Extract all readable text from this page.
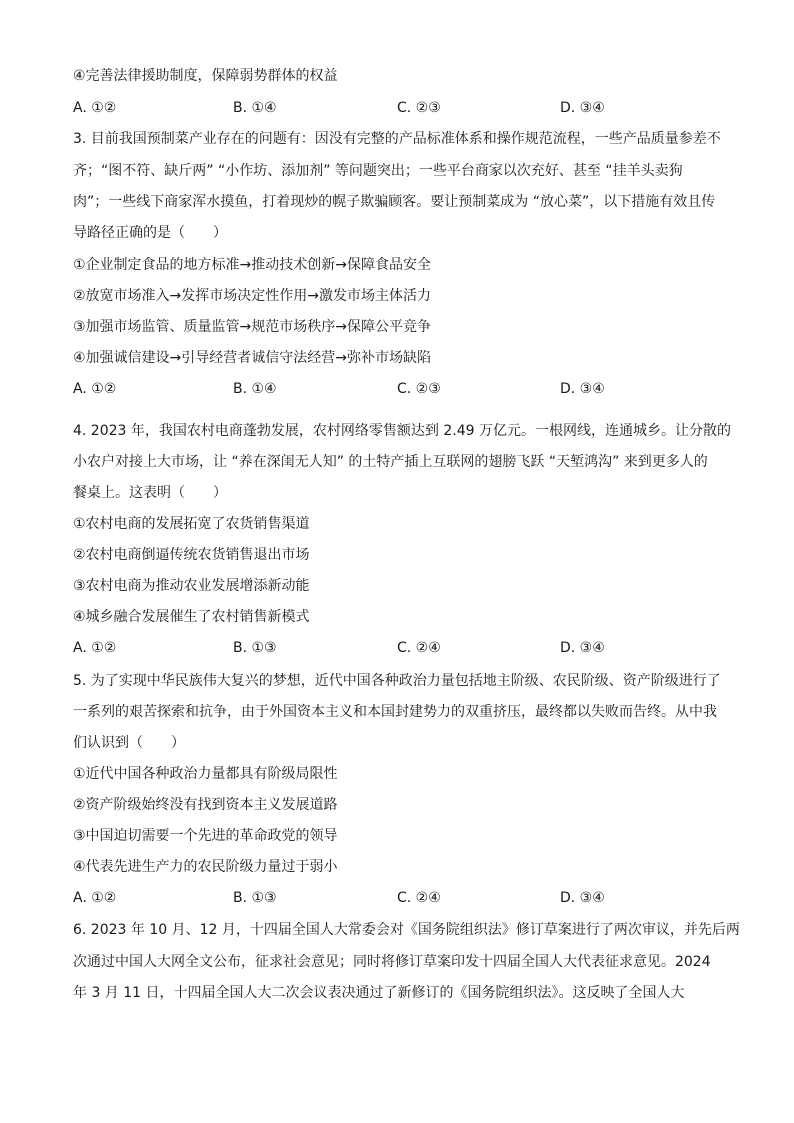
④完善法律援助制度，保障弱势群体的权益
A. ①②	B. ①④	C. ②③	D. ③④
3. 目前我国预制菜产业存在的问题有：因没有完整的产品标准体系和操作规范流程，一些产品质量参差不
齐；“图不符、缺斤两” “小作坊、添加剂” 等问题突出；一些平台商家以次充好、甚至 “挂羊头卖狗
肉”；一些线下商家浑水摸鱼，打着现炒的幌子欺骗顾客。要让预制菜成为 “放心菜”，以下措施有效且传
导路径正确的是（　　）
①企业制定食品的地方标准→推动技术创新→保障食品安全
②放宽市场准入→发挥市场决定性作用→激发市场主体活力
③加强市场监管、质量监管→规范市场秩序→保障公平竞争
④加强诚信建设→引导经营者诚信守法经营→弥补市场缺陷
A. ①②	B. ①④	C. ②③	D. ③④
4. 2023 年，我国农村电商蓬勃发展，农村网络零售额达到 2.49 万亿元。一根网线，连通城乡。让分散的
小农户对接上大市场，让 “养在深闺无人知” 的土特产插上互联网的翅膀飞跃 “天堑鸿沟” 来到更多人的
餐桌上。这表明（　　）
①农村电商的发展拓宽了农货销售渠道
②农村电商倒逼传统农货销售退出市场
③农村电商为推动农业发展增添新动能
④城乡融合发展催生了农村销售新模式
A. ①②	B. ①③	C. ②④	D. ③④
5. 为了实现中华民族伟大复兴的梦想，近代中国各种政治力量包括地主阶级、农民阶级、资产阶级进行了
一系列的艰苦探索和抗争，由于外国资本主义和本国封建势力的双重挤压，最终都以失败而告终。从中我
们认识到（　　）
①近代中国各种政治力量都具有阶级局限性
②资产阶级始终没有找到资本主义发展道路
③中国迫切需要一个先进的革命政党的领导
④代表先进生产力的农民阶级力量过于弱小
A. ①②	B. ①③	C. ②④	D. ③④
6. 2023 年 10 月、12 月，十四届全国人大常委会对《国务院组织法》修订草案进行了两次审议，并先后两
次通过中国人大网全文公布，征求社会意见；同时将修订草案印发十四届全国人大代表征求意见。2024
年 3 月 11 日，十四届全国人大二次会议表决通过了新修订的《国务院组织法》。这反映了全国人大
